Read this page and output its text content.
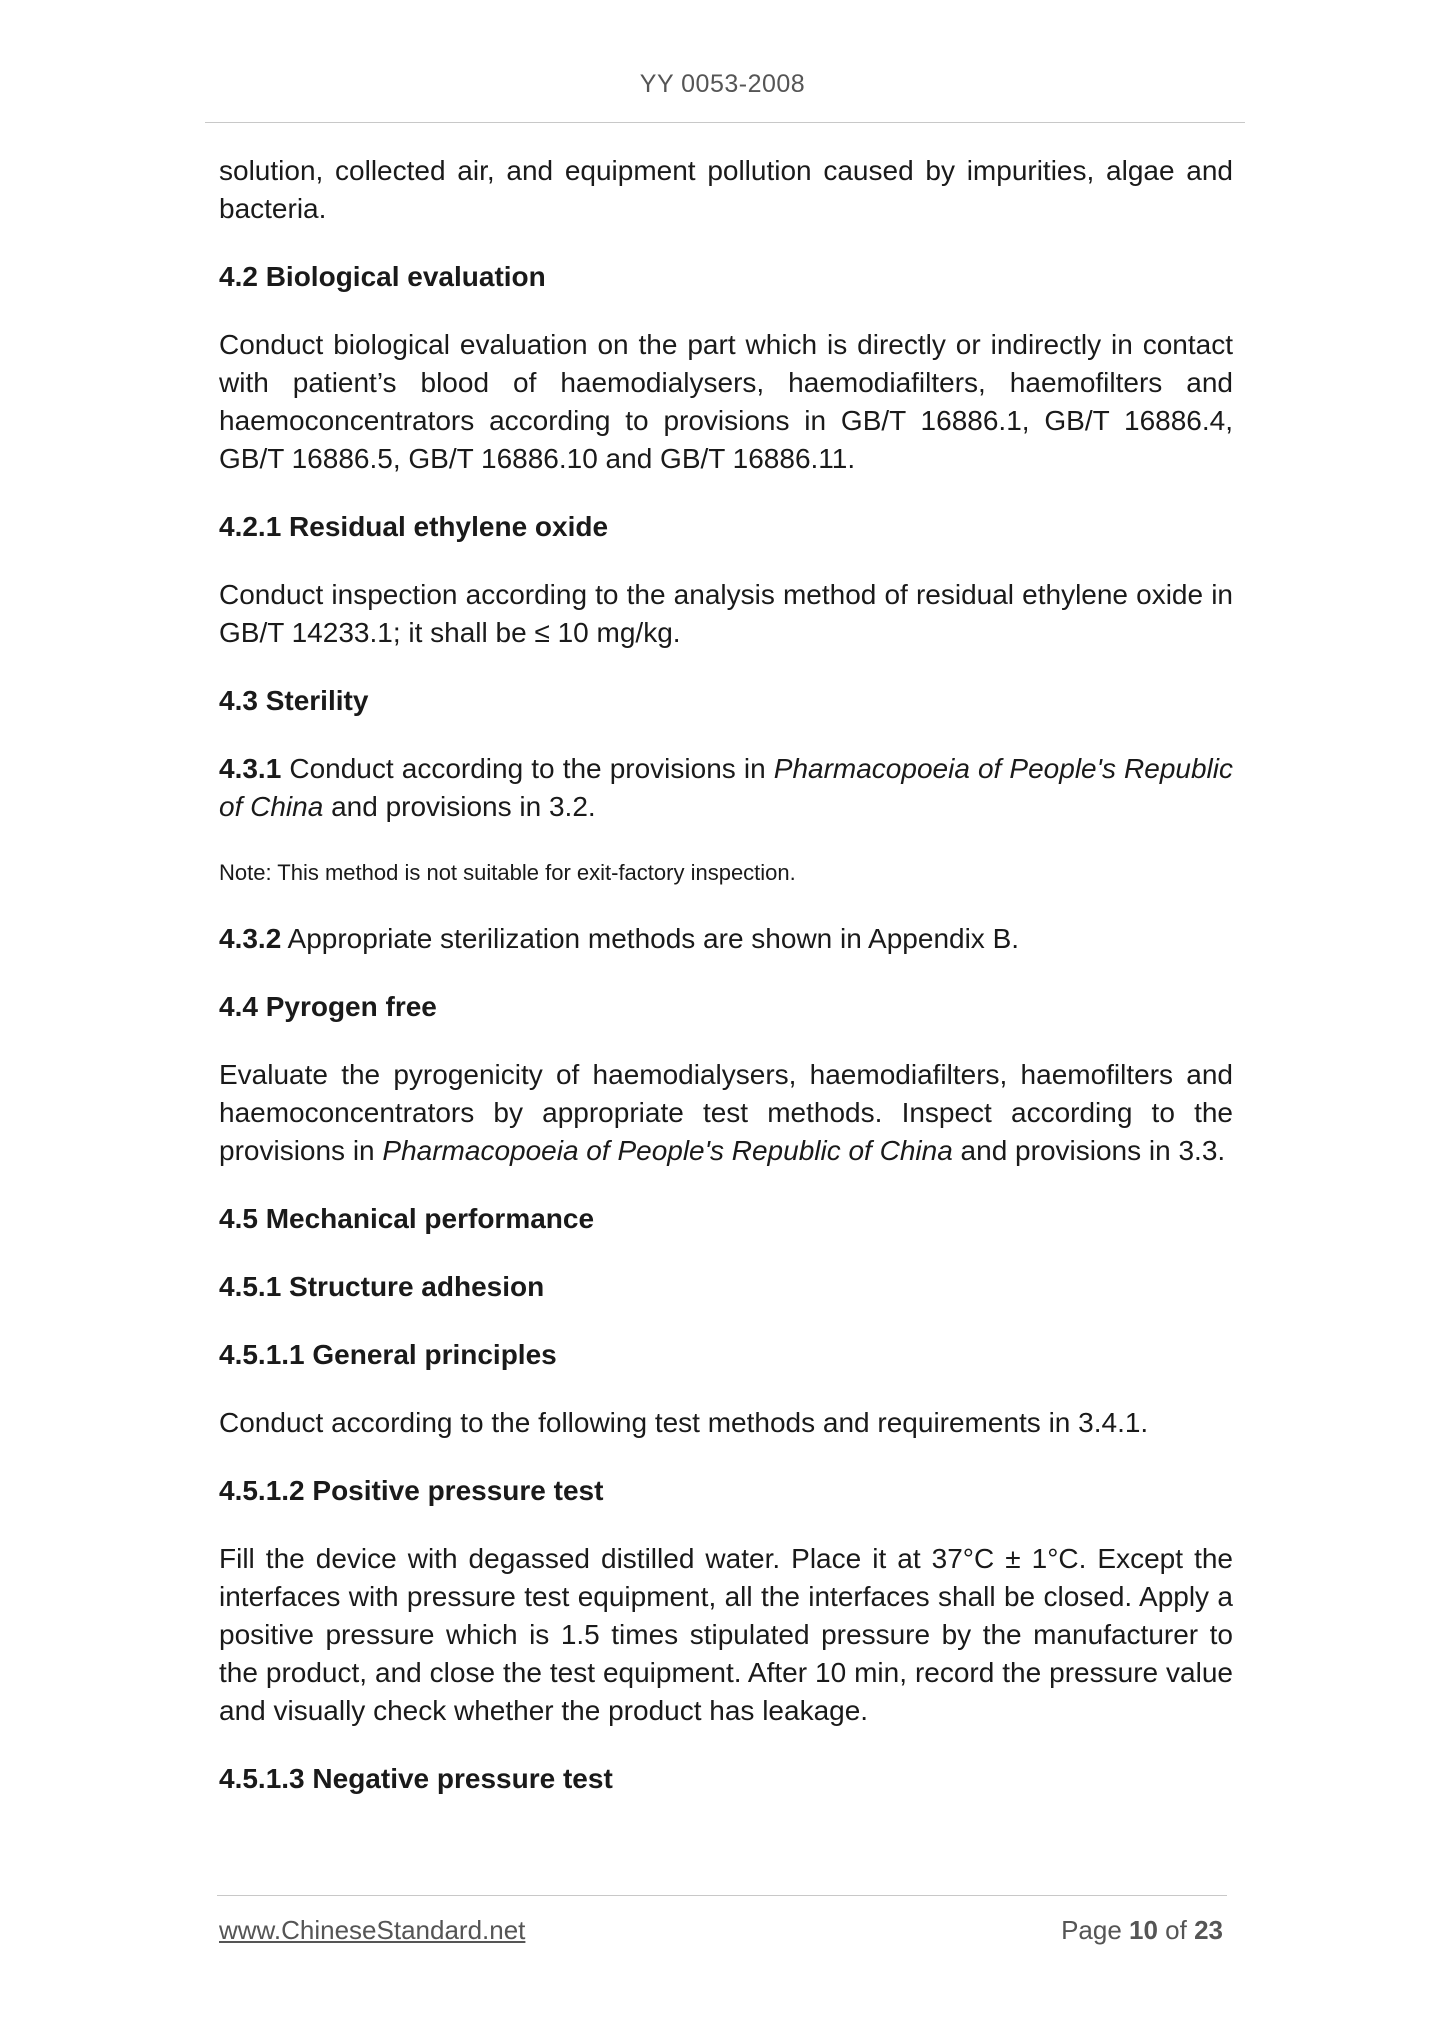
YY 0053-2008

solution, collected air, and equipment pollution caused by impurities, algae and bacteria.

4.2 Biological evaluation

Conduct biological evaluation on the part which is directly or indirectly in contact with patient’s blood of haemodialysers, haemodiafilters, haemofilters and haemoconcentrators according to provisions in GB/T 16886.1, GB/T 16886.4, GB/T 16886.5, GB/T 16886.10 and GB/T 16886.11.

4.2.1 Residual ethylene oxide

Conduct inspection according to the analysis method of residual ethylene oxide in GB/T 14233.1; it shall be ≤ 10 mg/kg.

4.3 Sterility

4.3.1 Conduct according to the provisions in Pharmacopoeia of People's Republic of China and provisions in 3.2.

Note: This method is not suitable for exit-factory inspection.

4.3.2 Appropriate sterilization methods are shown in Appendix B.

4.4 Pyrogen free

Evaluate the pyrogenicity of haemodialysers, haemodiafilters, haemofilters and haemoconcentrators by appropriate test methods. Inspect according to the provisions in Pharmacopoeia of People's Republic of China and provisions in 3.3.

4.5 Mechanical performance
4.5.1 Structure adhesion
4.5.1.1 General principles

Conduct according to the following test methods and requirements in 3.4.1.

4.5.1.2 Positive pressure test

Fill the device with degassed distilled water. Place it at 37°C ± 1°C. Except the interfaces with pressure test equipment, all the interfaces shall be closed. Apply a positive pressure which is 1.5 times stipulated pressure by the manufacturer to the product, and close the test equipment. After 10 min, record the pressure value and visually check whether the product has leakage.

4.5.1.3 Negative pressure test
www.ChineseStandard.net	Page 10 of 23
